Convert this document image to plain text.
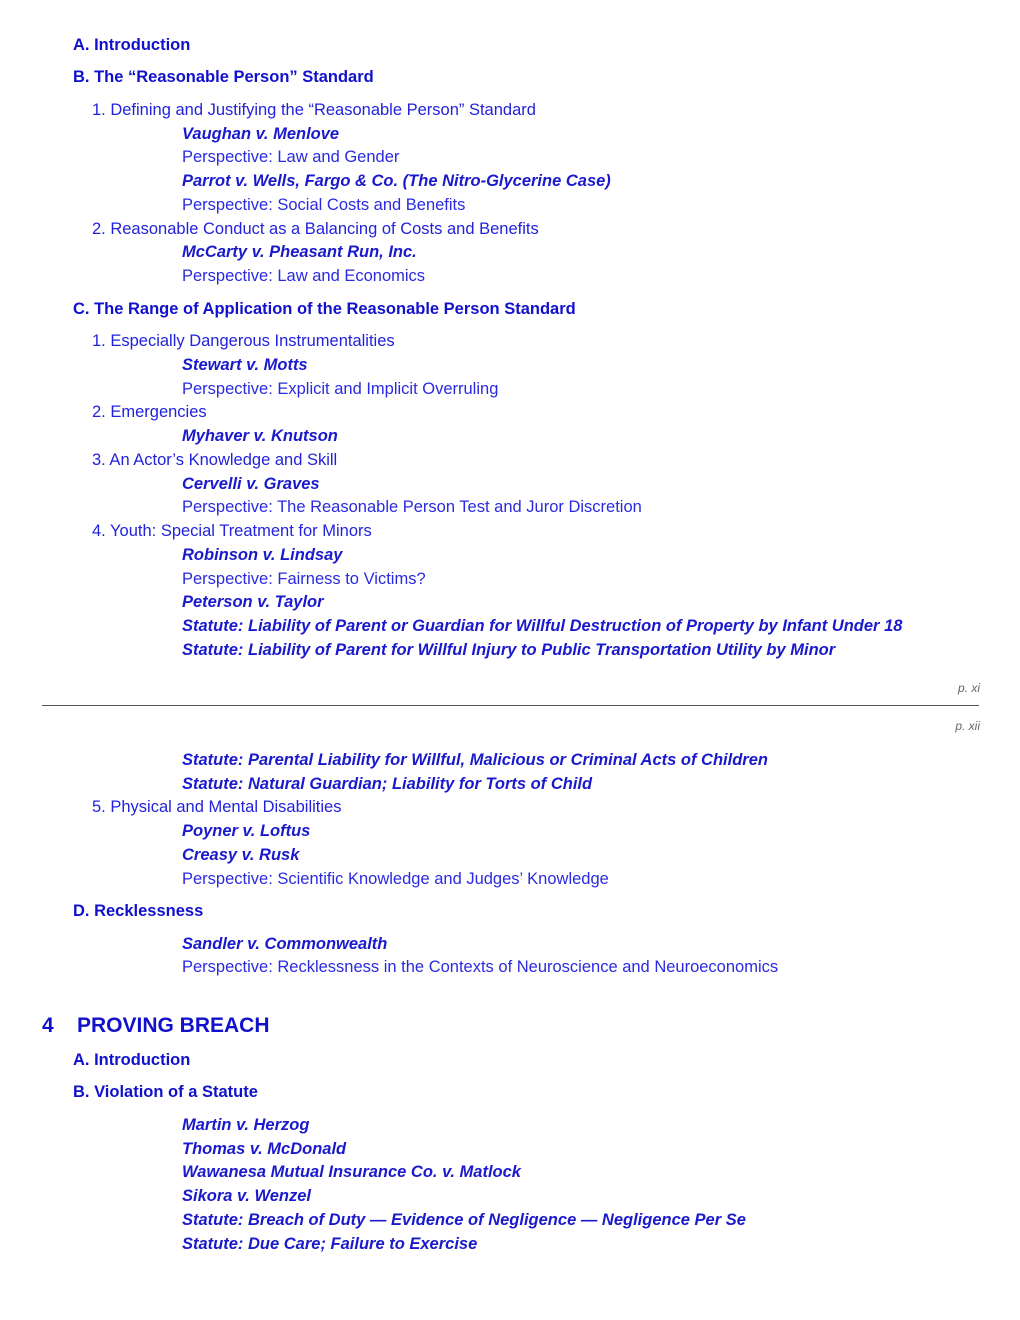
A. Introduction
B. The “Reasonable Person” Standard
1. Defining and Justifying the “Reasonable Person” Standard
Vaughan v. Menlove
Perspective: Law and Gender
Parrot v. Wells, Fargo & Co. (The Nitro-Glycerine Case)
Perspective: Social Costs and Benefits
2. Reasonable Conduct as a Balancing of Costs and Benefits
McCarty v. Pheasant Run, Inc.
Perspective: Law and Economics
C. The Range of Application of the Reasonable Person Standard
1. Especially Dangerous Instrumentalities
Stewart v. Motts
Perspective: Explicit and Implicit Overruling
2. Emergencies
Myhaver v. Knutson
3. An Actor’s Knowledge and Skill
Cervelli v. Graves
Perspective: The Reasonable Person Test and Juror Discretion
4. Youth: Special Treatment for Minors
Robinson v. Lindsay
Perspective: Fairness to Victims?
Peterson v. Taylor
Statute: Liability of Parent or Guardian for Willful Destruction of Property by Infant Under 18
Statute: Liability of Parent for Willful Injury to Public Transportation Utility by Minor
p. xi
p. xii
Statute: Parental Liability for Willful, Malicious or Criminal Acts of Children
Statute: Natural Guardian; Liability for Torts of Child
5. Physical and Mental Disabilities
Poyner v. Loftus
Creasy v. Rusk
Perspective: Scientific Knowledge and Judges’ Knowledge
D. Recklessness
Sandler v. Commonwealth
Perspective: Recklessness in the Contexts of Neuroscience and Neuroeconomics
4 PROVING BREACH
A. Introduction
B. Violation of a Statute
Martin v. Herzog
Thomas v. McDonald
Wawanesa Mutual Insurance Co. v. Matlock
Sikora v. Wenzel
Statute: Breach of Duty — Evidence of Negligence — Negligence Per Se
Statute: Due Care; Failure to Exercise
